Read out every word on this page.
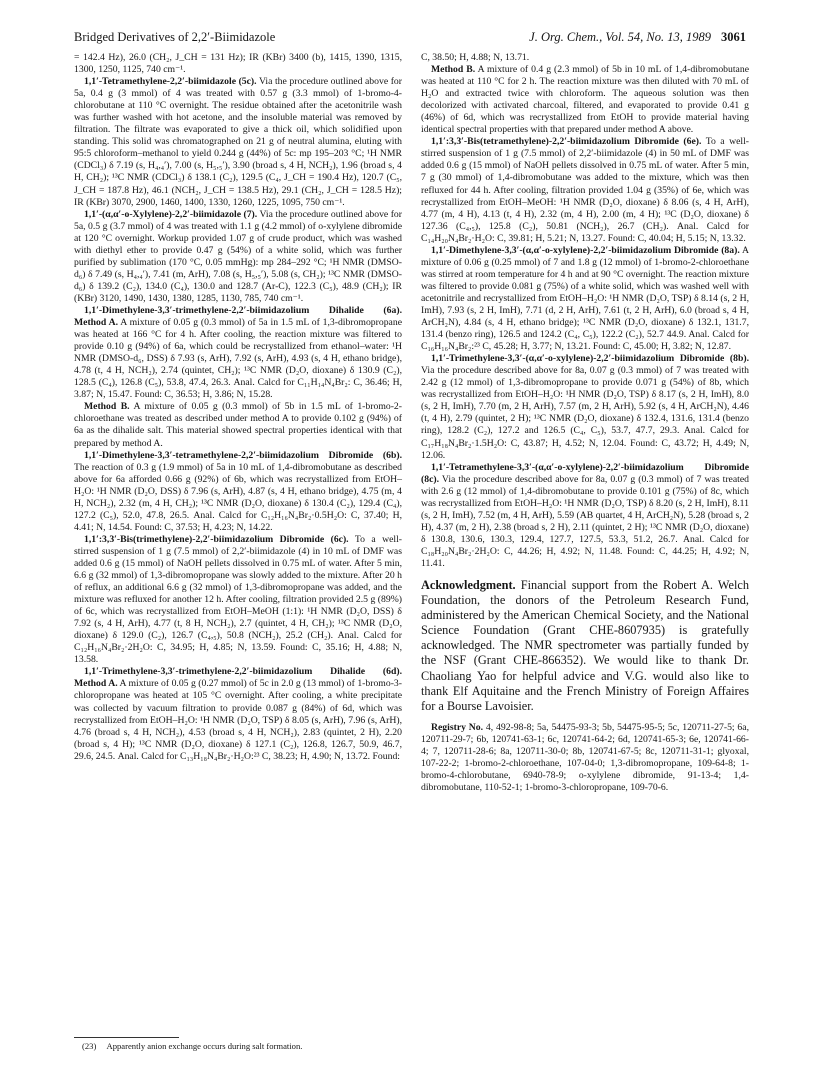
Bridged Derivatives of 2,2′-Biimidazole	J. Org. Chem., Vol. 54, No. 13, 1989 3061

= 142.4 Hz), 26.0 (CH₂, J_CH = 131 Hz); IR (KBr) 3400 (b), 1415, 1390, 1315, 1300, 1250, 1125, 740 cm⁻¹.

1,1′-Tetramethylene-2,2′-biimidazole (5c). Via the procedure outlined above for 5a, 0.4 g (3 mmol) of 4 was treated with 0.57 g (3.3 mmol) of 1-bromo-4-chlorobutane at 110 °C overnight. The residue obtained after the acetonitrile wash was further washed with hot acetone, and the insoluble material was removed by filtration. The filtrate was evaporated to give a thick oil, which solidified upon standing. This solid was chromatographed on 21 g of neutral alumina, eluting with 95:5 chloroform–methanol to yield 0.244 g (44%) of 5c: mp 195–203 °C; ¹H NMR (CDCl₃) δ 7.19 (s, H₄,₄′), 7.00 (s, H₅,₅′), 3.90 (broad s, 4 H, NCH₂), 1.96 (broad s, 4 H, CH₂); ¹³C NMR (CDCl₃) δ 138.1 (C₂), 129.5 (C₄, J_CH = 190.4 Hz), 120.7 (C₅, J_CH = 187.8 Hz), 46.1 (NCH₂, J_CH = 138.5 Hz), 29.1 (CH₂, J_CH = 128.5 Hz); IR (KBr) 3070, 2900, 1460, 1400, 1330, 1260, 1225, 1095, 750 cm⁻¹.

1,1′-(α,α′-o-Xylylene)-2,2′-biimidazole (7). Via the procedure outlined above for 5a, 0.5 g (3.7 mmol) of 4 was treated with 1.1 g (4.2 mmol) of o-xylylene dibromide at 120 °C overnight. Workup provided 1.07 g of crude product, which was washed with diethyl ether to provide 0.47 g (54%) of a white solid, which was further purified by sublimation (170 °C, 0.05 mmHg): mp 284–292 °C; ¹H NMR (DMSO-d₆) δ 7.49 (s, H₄,₄′), 7.41 (m, ArH), 7.08 (s, H₅,₅′), 5.08 (s, CH₂); ¹³C NMR (DMSO-d₆) δ 139.2 (C₂), 134.0 (C₄), 130.0 and 128.7 (Ar-C), 122.3 (C₅), 48.9 (CH₂); IR (KBr) 3120, 1490, 1430, 1380, 1285, 1130, 785, 740 cm⁻¹.

1,1′-Dimethylene-3,3′-trimethylene-2,2′-biimidazolium Dihalide (6a). Method A. A mixture of 0.05 g (0.3 mmol) of 5a in 1.5 mL of 1,3-dibromopropane was heated at 166 °C for 4 h. After cooling, the reaction mixture was filtered to provide 0.10 g (94%) of 6a, which could be recrystallized from ethanol–water: ¹H NMR (DMSO-d₆, DSS) δ 7.93 (s, ArH), 7.92 (s, ArH), 4.93 (s, 4 H, ethano bridge), 4.78 (t, 4 H, NCH₂), 2.74 (quintet, CH₂); ¹³C NMR (D₂O, dioxane) δ 130.9 (C₂), 128.5 (C₄), 126.8 (C₅), 53.8, 47.4, 26.3. Anal. Calcd for C₁₁H₁₄N₄Br₂: C, 36.46; H, 3.87; N, 15.47. Found: C, 36.53; H, 3.86; N, 15.28.

Method B. A mixture of 0.05 g (0.3 mmol) of 5b in 1.5 mL of 1-bromo-2-chloroethane was treated as described under method A to provide 0.102 g (94%) of 6a as the dihalide salt. This material showed spectral properties identical with that prepared by method A.

1,1′-Dimethylene-3,3′-tetramethylene-2,2′-biimidazolium Dibromide (6b). The reaction of 0.3 g (1.9 mmol) of 5a in 10 mL of 1,4-dibromobutane as described above for 6a afforded 0.66 g (92%) of 6b, which was recrystallized from EtOH–H₂O: ¹H NMR (D₂O, DSS) δ 7.96 (s, ArH), 4.87 (s, 4 H, ethano bridge), 4.75 (m, 4 H, NCH₂), 2.32 (m, 4 H, CH₂); ¹³C NMR (D₂O, dioxane) δ 130.4 (C₂), 129.4 (C₄), 127.2 (C₅), 52.0, 47.8, 26.5. Anal. Calcd for C₁₂H₁₆N₄Br₂·0.5H₂O: C, 37.40; H, 4.41; N, 14.54. Found: C, 37.53; H, 4.23; N, 14.22.

1,1′:3,3′-Bis(trimethylene)-2,2′-biimidazolium Dibromide (6c). To a well-stirred suspension of 1 g (7.5 mmol) of 2,2′-biimidazole (4) in 10 mL of DMF was added 0.6 g (15 mmol) of NaOH pellets dissolved in 0.75 mL of water. After 5 min, 6.6 g (32 mmol) of 1,3-dibromopropane was slowly added to the mixture. After 20 h of reflux, an additional 6.6 g (32 mmol) of 1,3-dibromopropane was added, and the mixture was refluxed for another 12 h. After cooling, filtration provided 2.5 g (89%) of 6c, which was recrystallized from EtOH–MeOH (1:1): ¹H NMR (D₂O, DSS) δ 7.92 (s, 4 H, ArH), 4.77 (t, 8 H, NCH₂), 2.7 (quintet, 4 H, CH₂); ¹³C NMR (D₂O, dioxane) δ 129.0 (C₂), 126.7 (C₄,₅), 50.8 (NCH₂), 25.2 (CH₂). Anal. Calcd for C₁₂H₁₆N₄Br₂·2H₂O: C, 34.95; H, 4.85; N, 13.59. Found: C, 35.16; H, 4.88; N, 13.58.

1,1′-Trimethylene-3,3′-trimethylene-2,2′-biimidazolium Dihalide (6d). Method A. A mixture of 0.05 g (0.27 mmol) of 5c in 2.0 g (13 mmol) of 1-bromo-3-chloropropane was heated at 105 °C overnight. After cooling, a white precipitate was collected by vacuum filtration to provide 0.087 g (84%) of 6d, which was recrystallized from EtOH–H₂O: ¹H NMR (D₂O, TSP) δ 8.05 (s, ArH), 7.96 (s, ArH), 4.76 (broad s, 4 H, NCH₂), 4.53 (broad s, 4 H, NCH₂), 2.83 (quintet, 2 H), 2.20 (broad s, 4 H); ¹³C NMR (D₂O, dioxane) δ 127.1 (C₂), 126.8, 126.7, 50.9, 46.7, 29.6, 24.5. Anal. Calcd for C₁₃H₁₈N₄Br₂·H₂O:²³ C, 38.23; H, 4.90; N, 13.72. Found:

C, 38.50; H, 4.88; N, 13.71.

Method B. A mixture of 0.4 g (2.3 mmol) of 5b in 10 mL of 1,4-dibromobutane was heated at 110 °C for 2 h. The reaction mixture was then diluted with 70 mL of H₂O and extracted twice with chloroform. The aqueous solution was then decolorized with activated charcoal, filtered, and evaporated to provide 0.41 g (46%) of 6d, which was recrystallized from EtOH to provide material having identical spectral properties with that prepared under method A above.

1,1′:3,3′-Bis(tetramethylene)-2,2′-biimidazolium Dibromide (6e). To a well-stirred suspension of 1 g (7.5 mmol) of 2,2′-biimidazole (4) in 50 mL of DMF was added 0.6 g (15 mmol) of NaOH pellets dissolved in 0.75 mL of water. After 5 min, 7 g (30 mmol) of 1,4-dibromobutane was added to the mixture, which was then refluxed for 44 h. After cooling, filtration provided 1.04 g (35%) of 6e, which was recrystallized from EtOH–MeOH: ¹H NMR (D₂O, dioxane) δ 8.06 (s, 4 H, ArH), 4.77 (m, 4 H), 4.13 (t, 4 H), 2.32 (m, 4 H), 2.00 (m, 4 H); ¹³C (D₂O, dioxane) δ 127.36 (C₄,₅), 125.8 (C₂), 50.81 (NCH₂), 26.7 (CH₂). Anal. Calcd for C₁₄H₂₀N₄Br₂·H₂O: C, 39.81; H, 5.21; N, 13.27. Found: C, 40.04; H, 5.15; N, 13.32.

1,1′-Dimethylene-3,3′-(α,α′-o-xylylene)-2,2′-biimidazolium Dibromide (8a). A mixture of 0.06 g (0.25 mmol) of 7 and 1.8 g (12 mmol) of 1-bromo-2-chloroethane was stirred at room temperature for 4 h and at 90 °C overnight. The reaction mixture was filtered to provide 0.081 g (75%) of a white solid, which was washed well with acetonitrile and recrystallized from EtOH–H₂O: ¹H NMR (D₂O, TSP) δ 8.14 (s, 2 H, ImH), 7.93 (s, 2 H, ImH), 7.71 (d, 2 H, ArH), 7.61 (t, 2 H, ArH), 6.0 (broad s, 4 H, ArCH₂N), 4.84 (s, 4 H, ethano bridge); ¹³C NMR (D₂O, dioxane) δ 132.1, 131.7, 131.4 (benzo ring), 126.5 and 124.2 (C₄, C₅), 122.2 (C₂), 52.7 44.9. Anal. Calcd for C₁₆H₁₆N₄Br₂:²³ C, 45.28; H, 3.77; N, 13.21. Found: C, 45.00; H, 3.82; N, 12.87.

1,1′-Trimethylene-3,3′-(α,α′-o-xylylene)-2,2′-biimidazolium Dibromide (8b). Via the procedure described above for 8a, 0.07 g (0.3 mmol) of 7 was treated with 2.42 g (12 mmol) of 1,3-dibromopropane to provide 0.071 g (54%) of 8b, which was recrystallized from EtOH–H₂O: ¹H NMR (D₂O, TSP) δ 8.17 (s, 2 H, ImH), 8.0 (s, 2 H, ImH), 7.70 (m, 2 H, ArH), 7.57 (m, 2 H, ArH), 5.92 (s, 4 H, ArCH₂N), 4.46 (t, 4 H), 2.79 (quintet, 2 H); ¹³C NMR (D₂O, dioxane) δ 132.4, 131.6, 131.4 (benzo ring), 128.2 (C₂), 127.2 and 126.5 (C₄, C₅), 53.7, 47.7, 29.3. Anal. Calcd for C₁₇H₁₈N₄Br₂·1.5H₂O: C, 43.87; H, 4.52; N, 12.04. Found: C, 43.72; H, 4.49; N, 12.06.

1,1′-Tetramethylene-3,3′-(α,α′-o-xylylene)-2,2′-biimidazolium Dibromide (8c). Via the procedure described above for 8a, 0.07 g (0.3 mmol) of 7 was treated with 2.6 g (12 mmol) of 1,4-dibromobutane to provide 0.101 g (75%) of 8c, which was recrystallized from EtOH–H₂O: ¹H NMR (D₂O, TSP) δ 8.20 (s, 2 H, ImH), 8.11 (s, 2 H, ImH), 7.52 (m, 4 H, ArH), 5.59 (AB quartet, 4 H, ArCH₂N), 5.28 (broad s, 2 H), 4.37 (m, 2 H), 2.38 (broad s, 2 H), 2.11 (quintet, 2 H); ¹³C NMR (D₂O, dioxane) δ 130.8, 130.6, 130.3, 129.4, 127.7, 127.5, 53.3, 51.2, 26.7. Anal. Calcd for C₁₈H₂₀N₄Br₂·2H₂O: C, 44.26; H, 4.92; N, 11.48. Found: C, 44.25; H, 4.92; N, 11.41.

Acknowledgment. Financial support from the Robert A. Welch Foundation, the donors of the Petroleum Research Fund, administered by the American Chemical Society, and the National Science Foundation (Grant CHE-8607935) is gratefully acknowledged. The NMR spectrometer was partially funded by the NSF (Grant CHE-866352). We would like to thank Dr. Chaoliang Yao for helpful advice and V.G. would also like to thank Elf Aquitaine and the French Ministry of Foreign Affaires for a Bourse Lavoisier.

Registry No. 4, 492-98-8; 5a, 54475-93-3; 5b, 54475-95-5; 5c, 120711-27-5; 6a, 120711-29-7; 6b, 120741-63-1; 6c, 120741-64-2; 6d, 120741-65-3; 6e, 120741-66-4; 7, 120711-28-6; 8a, 120711-30-0; 8b, 120741-67-5; 8c, 120711-31-1; glyoxal, 107-22-2; 1-bromo-2-chloroethane, 107-04-0; 1,3-dibromopropane, 109-64-8; 1-bromo-4-chlorobutane, 6940-78-9; o-xylylene dibromide, 91-13-4; 1,4-dibromobutane, 110-52-1; 1-bromo-3-chloropropane, 109-70-6.

(23) Apparently anion exchange occurs during salt formation.
